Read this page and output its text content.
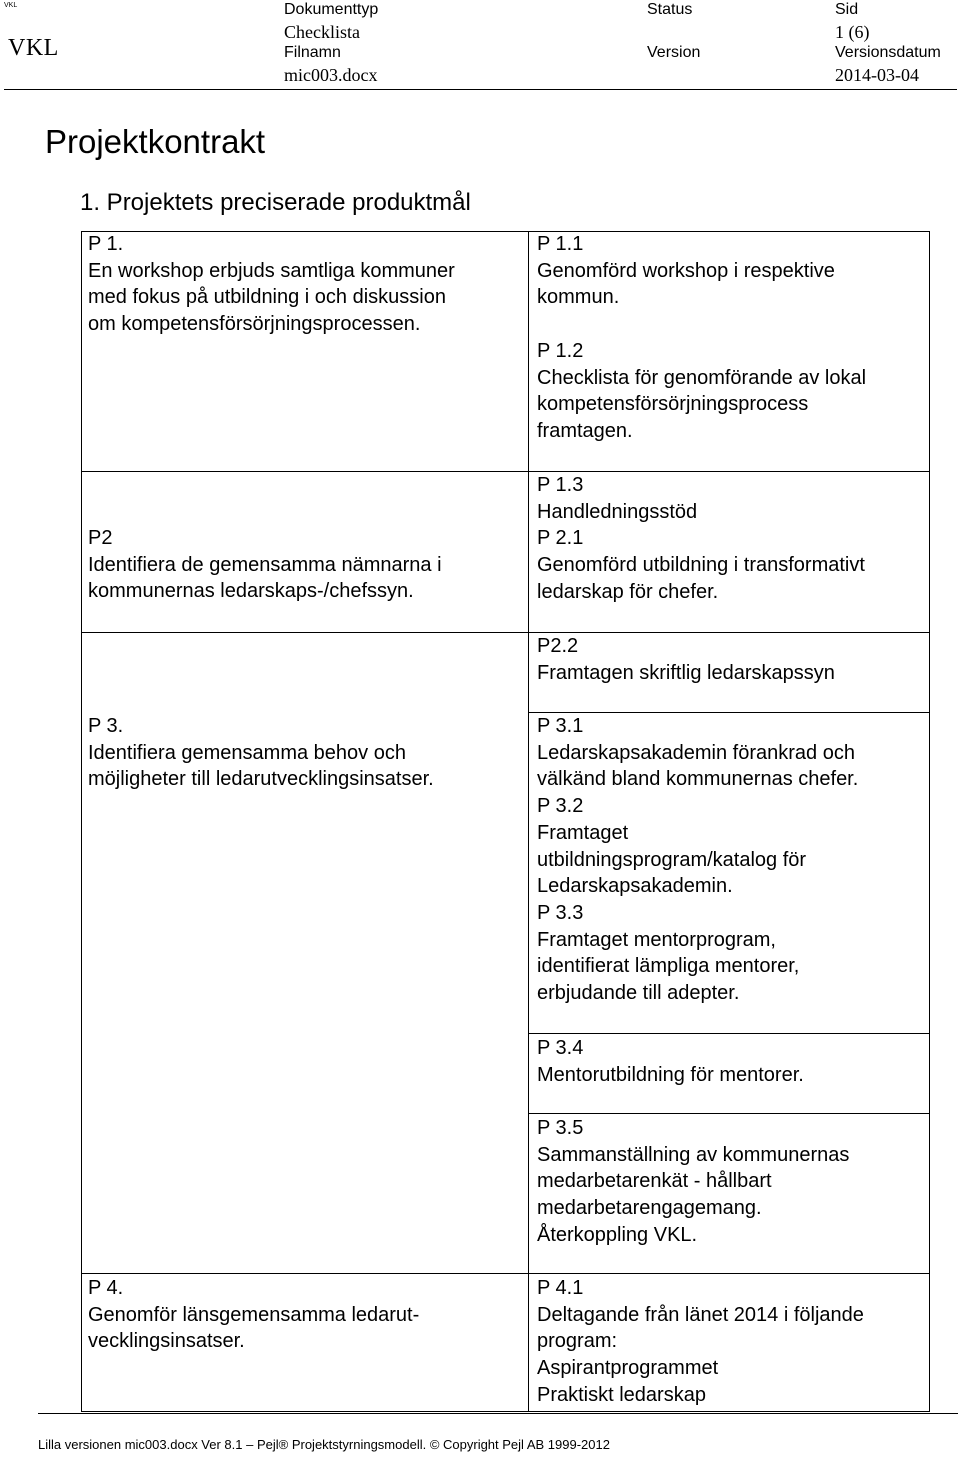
VKL
VKL
Dokumenttyp
Checklista
Filnamn
mic003.docx
Status
Version
Sid
1 (6)
Versionsdatum
2014-03-04
Projektkontrakt
1. Projektets preciserade produktmål
P 1.
En workshop erbjuds samtliga kommuner
med fokus på utbildning i och diskussion
om kompetensförsörjningsprocessen.
P2
Identifiera de gemensamma nämnarna i
kommunernas ledarskaps-/chefssyn.
P 3.
Identifiera gemensamma behov och
möjligheter till ledarutvecklingsinsatser.
P 4.
Genomför länsgemensamma ledarut-
vecklingsinsatser.
P 1.1
Genomförd workshop i respektive
kommun.
P 1.2
Checklista för genomförande av lokal
kompetensförsörjningsprocess
framtagen.
P 1.3
Handledningsstöd
P 2.1
Genomförd utbildning i transformativt
ledarskap för chefer.
P2.2
Framtagen skriftlig ledarskapssyn
P 3.1
Ledarskapsakademin förankrad och
välkänd bland kommunernas chefer.
P 3.2
Framtaget
utbildningsprogram/katalog för
Ledarskapsakademin.
P 3.3
Framtaget mentorprogram,
identifierat lämpliga mentorer,
erbjudande till adepter.
P 3.4
Mentorutbildning för mentorer.
P 3.5
Sammanställning av kommunernas
medarbetarenkät - hållbart
medarbetarengagemang.
Återkoppling VKL.
P 4.1
Deltagande från länet 2014 i följande
program:
Aspirantprogrammet
Praktiskt ledarskap
Lilla versionen mic003.docx Ver 8.1 – Pejl® Projektstyrningsmodell. © Copyright Pejl AB 1999-2012
